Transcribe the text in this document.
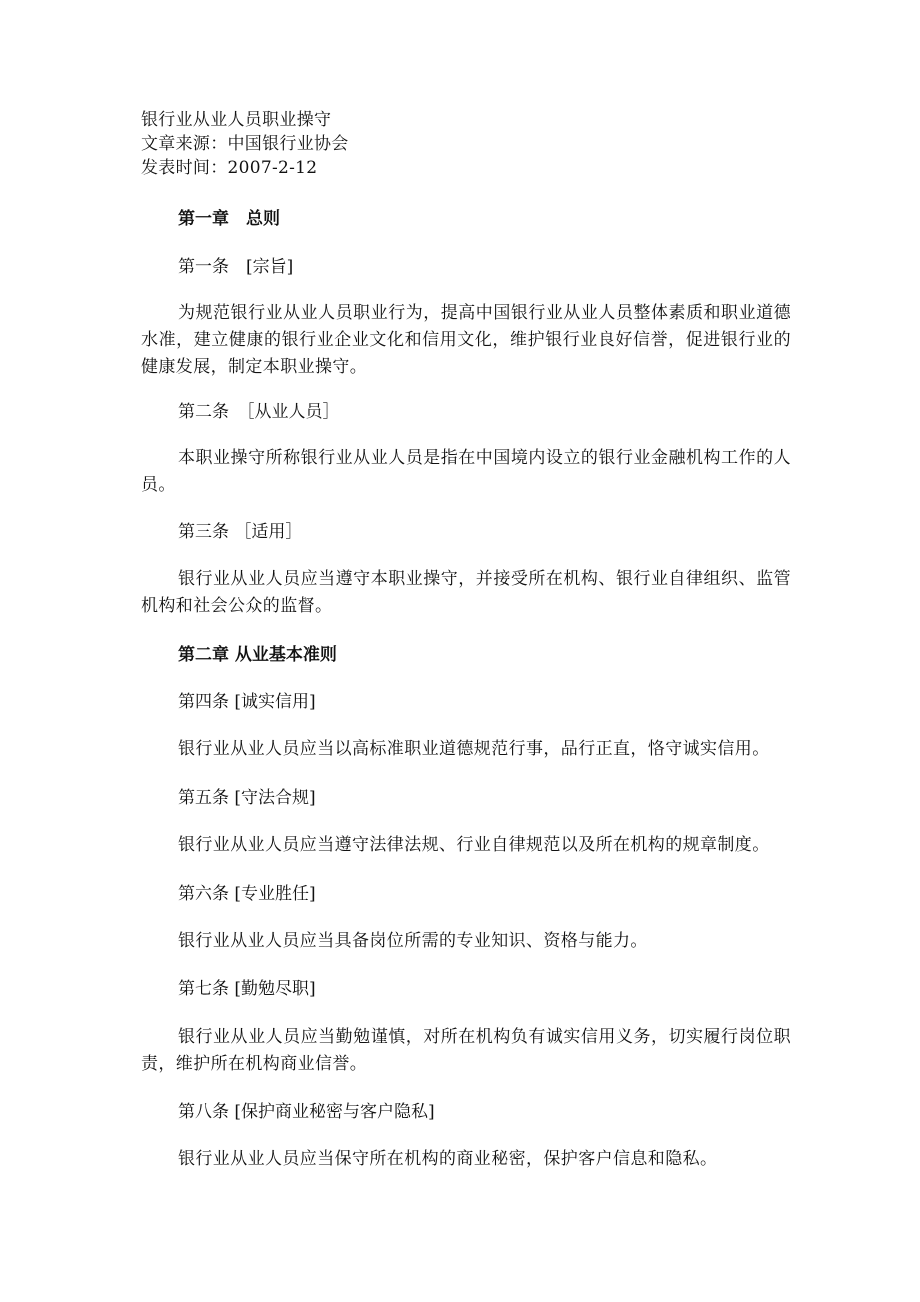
银行业从业人员职业操守
文章来源：中国银行业协会
发表时间：2007-2-12
第一章　总则
第一条　[宗旨]
为规范银行业从业人员职业行为，提高中国银行业从业人员整体素质和职业道德水准，建立健康的银行业企业文化和信用文化，维护银行业良好信誉，促进银行业的健康发展，制定本职业操守。
第二条　［从业人员］
本职业操守所称银行业从业人员是指在中国境内设立的银行业金融机构工作的人员。
第三条 ［适用］
银行业从业人员应当遵守本职业操守，并接受所在机构、银行业自律组织、监管机构和社会公众的监督。
第二章 从业基本准则
第四条 [诚实信用]
银行业从业人员应当以高标准职业道德规范行事，品行正直，恪守诚实信用。
第五条 [守法合规]
银行业从业人员应当遵守法律法规、行业自律规范以及所在机构的规章制度。
第六条 [专业胜任]
银行业从业人员应当具备岗位所需的专业知识、资格与能力。
第七条 [勤勉尽职]
银行业从业人员应当勤勉谨慎，对所在机构负有诚实信用义务，切实履行岗位职责，维护所在机构商业信誉。
第八条 [保护商业秘密与客户隐私]
银行业从业人员应当保守所在机构的商业秘密，保护客户信息和隐私。
